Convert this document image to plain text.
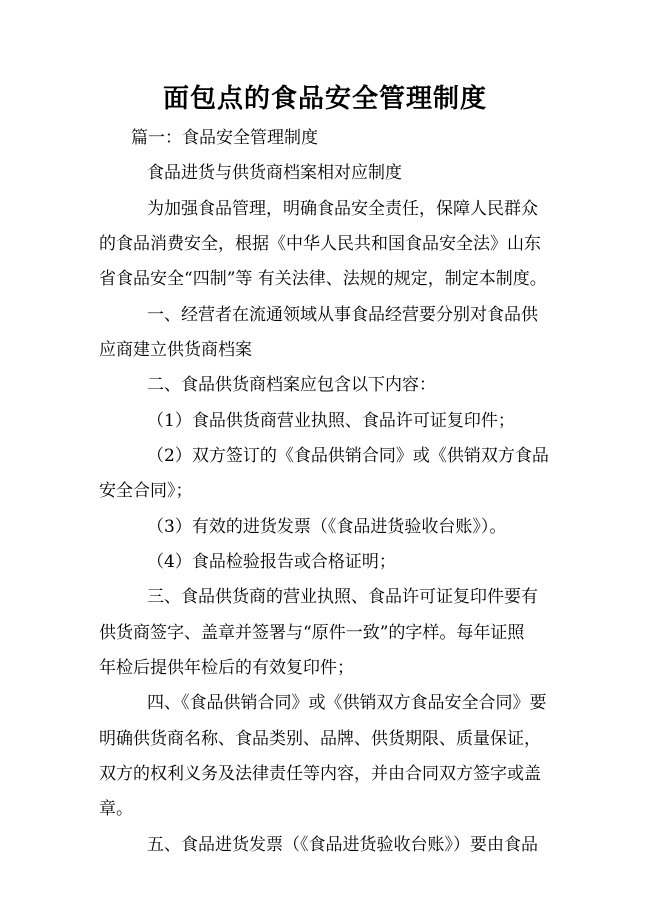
面包点的食品安全管理制度
篇一：食品安全管理制度
食品进货与供货商档案相对应制度
为加强食品管理，明确食品安全责任，保障人民群众
的食品消费安全，根据《中华人民共和国食品安全法》山东
省食品安全“四制”等 有关法律、法规的规定，制定本制度。
一、经营者在流通领域从事食品经营要分别对食品供
应商建立供货商档案
二、食品供货商档案应包含以下内容：
（1）食品供货商营业执照、食品许可证复印件；
（2）双方签订的《食品供销合同》或《供销双方食品
安全合同》；
（3）有效的进货发票（《食品进货验收台账》）。
（4）食品检验报告或合格证明；
三、食品供货商的营业执照、食品许可证复印件要有
供货商签字、盖章并签署与“原件一致”的字样。每年证照
年检后提供年检后的有效复印件；
四、《食品供销合同》或《供销双方食品安全合同》要
明确供货商名称、食品类别、品牌、供货期限、质量保证，
双方的权利义务及法律责任等内容，并由合同双方签字或盖
章。
五、食品进货发票（《食品进货验收台账》）要由食品
